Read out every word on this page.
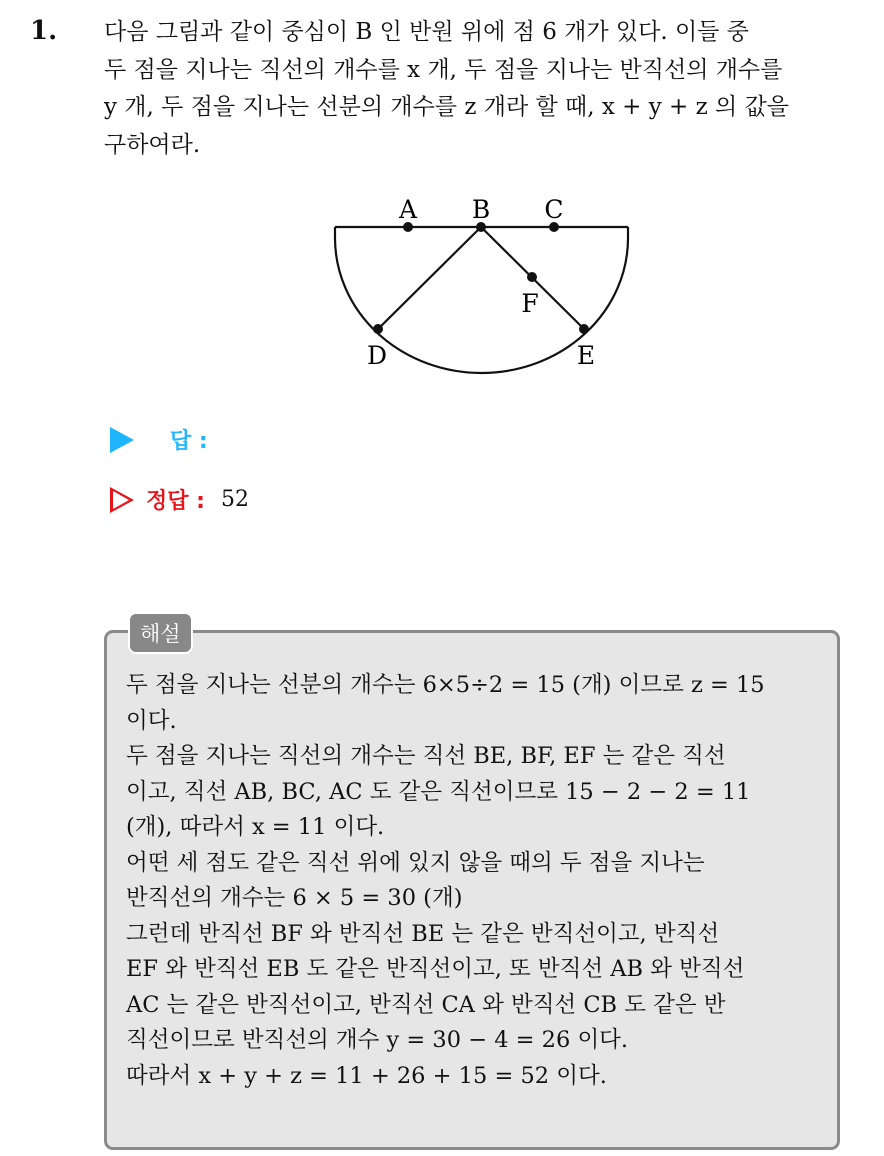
1. 다음 그림과 같이 중심이 B 인 반원 위에 점 6 개가 있다. 이들 중
두 점을 지나는 직선의 개수를 x 개, 두 점을 지나는 반직선의 개수를
y 개, 두 점을 지나는 선분의 개수를 z 개라 할 때, x + y + z 의 값을
구하여라.
A B C
D	E
F
답 :
정답 : 52
해설
두 점을 지나는 선분의 개수는 6×5÷2 = 15 (개) 이므로 z = 15
이다.
두 점을 지나는 직선의 개수는 직선 BE, BF, EF 는 같은 직선
이고, 직선 AB, BC, AC 도 같은 직선이므로 15 − 2 − 2 = 11
(개), 따라서 x = 11 이다.
어떤 세 점도 같은 직선 위에 있지 않을 때의 두 점을 지나는
반직선의 개수는 6 × 5 = 30 (개)
그런데 반직선 BF 와 반직선 BE 는 같은 반직선이고, 반직선
EF 와 반직선 EB 도 같은 반직선이고, 또 반직선 AB 와 반직선
AC 는 같은 반직선이고, 반직선 CA 와 반직선 CB 도 같은 반
직선이므로 반직선의 개수 y = 30 − 4 = 26 이다.
따라서 x + y + z = 11 + 26 + 15 = 52 이다.
